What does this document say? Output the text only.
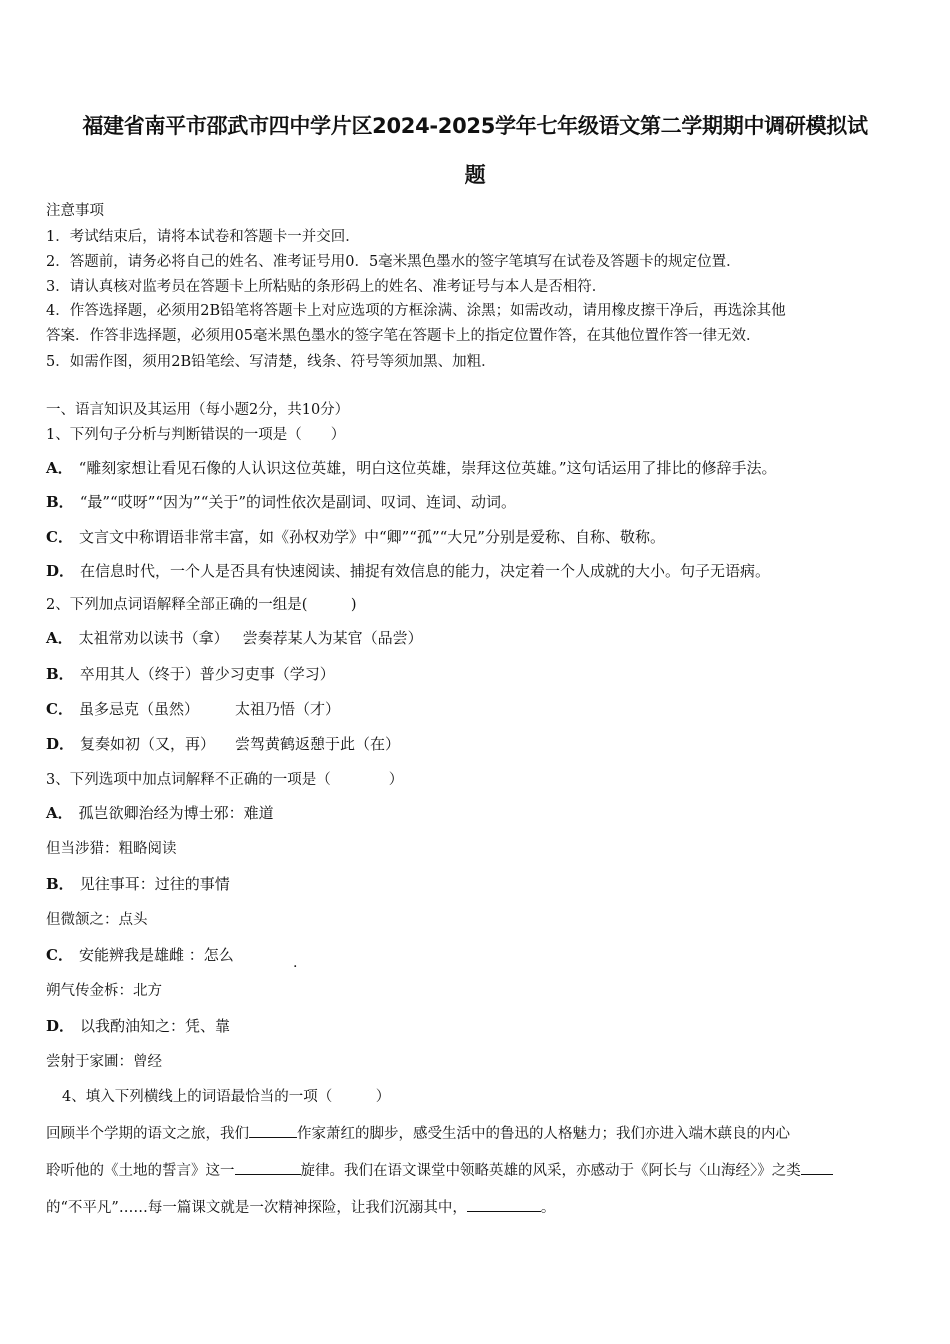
福建省南平市邵武市四中学片区2024-2025学年七年级语文第二学期期中调研模拟试
题
注意事项
1．考试结束后，请将本试卷和答题卡一并交回．
2．答题前，请务必将自己的姓名、准考证号用0．5毫米黑色墨水的签字笔填写在试卷及答题卡的规定位置．
3．请认真核对监考员在答题卡上所粘贴的条形码上的姓名、准考证号与本人是否相符．
4．作答选择题，必须用2B铅笔将答题卡上对应选项的方框涂满、涂黑；如需改动，请用橡皮擦干净后，再选涂其他
答案．作答非选择题，必须用05毫米黑色墨水的签字笔在答题卡上的指定位置作答，在其他位置作答一律无效．
5．如需作图，须用2B铅笔绘、写清楚，线条、符号等须加黑、加粗．
一、语言知识及其运用（每小题2分，共10分）
1、下列句子分析与判断错误的一项是（　　）
A． “雕刻家想让看见石像的人认识这位英雄，明白这位英雄，崇拜这位英雄。”这句话运用了排比的修辞手法。
B． “最”“哎呀”“因为”“关于”的词性依次是副词、叹词、连词、动词。
C． 文言文中称谓语非常丰富，如《孙权劝学》中“卿”“孤”“大兄”分别是爱称、自称、敬称。
D． 在信息时代，一个人是否具有快速阅读、捕捉有效信息的能力，决定着一个人成就的大小。句子无语病。
2、下列加点词语解释全部正确的一组是(　　　)
A． 太祖常劝以读书（拿） 尝奏荐某人为某官（品尝）
B． 卒用其人（终于）普少习吏事（学习）
C． 虽多忌克（虽然） 太祖乃悟（才）
D． 复奏如初（又，再） 尝驾黄鹤返憩于此（在）
3、下列选项中加点词解释不正确的一项是（　　　　）
A． 孤岂欲卿治经为博士邪：难道
但当涉猎：粗略阅读
B． 见往事耳：过往的事情
但微颔之：点头
C． 安能辨我是雄雌 ：怎么	.
朔气传金柝：北方
D． 以我酌油知之：凭、靠
尝射于家圃：曾经
4、填入下列横线上的词语最恰当的一项（　　　）
回顾半个学期的语文之旅，我们	作家萧红的脚步，感受生活中的鲁迅的人格魅力；我们亦进入端木蕻良的内心
聆听他的《土地的誓言》这一	旋律。我们在语文课堂中领略英雄的风采，亦感动于《阿长与〈山海经〉》之类
的“不平凡”……每一篇课文就是一次精神探险，让我们沉溺其中，	。
